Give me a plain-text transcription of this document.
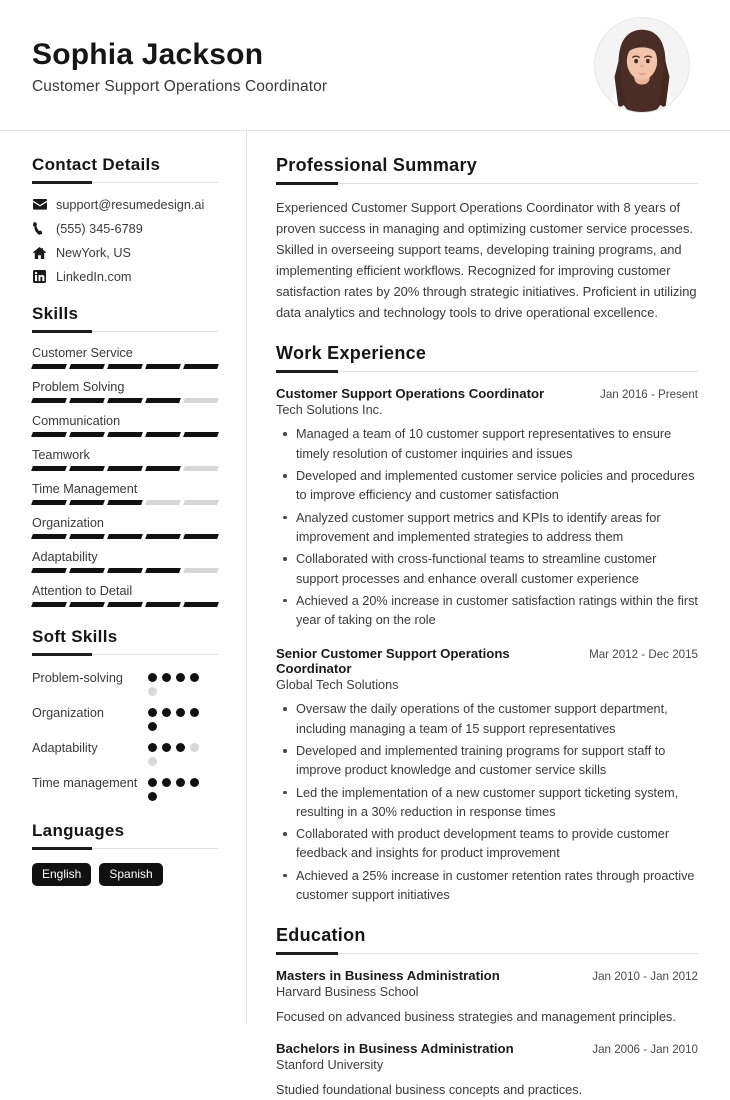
Sophia Jackson
Customer Support Operations Coordinator
Contact Details
support@resumedesign.ai
(555) 345-6789
NewYork, US
LinkedIn.com
Skills
Customer Service
Problem Solving
Communication
Teamwork
Time Management
Organization
Adaptability
Attention to Detail
Soft Skills
Problem-solving
Organization
Adaptability
Time management
Languages
English	Spanish
Professional Summary

Experienced Customer Support Operations Coordinator with 8 years of proven success in managing and optimizing customer service processes. Skilled in overseeing support teams, developing training programs, and implementing efficient workflows. Recognized for improving customer satisfaction rates by 20% through strategic initiatives. Proficient in utilizing data analytics and technology tools to drive operational excellence.

Work Experience
Customer Support Operations Coordinator	Jan 2016 - Present
Tech Solutions Inc.
Managed a team of 10 customer support representatives to ensure timely resolution of customer inquiries and issues
Developed and implemented customer service policies and procedures to improve efficiency and customer satisfaction
Analyzed customer support metrics and KPIs to identify areas for improvement and implemented strategies to address them
Collaborated with cross-functional teams to streamline customer support processes and enhance overall customer experience
Achieved a 20% increase in customer satisfaction ratings within the first year of taking on the role
Senior Customer Support Operations Coordinator
Mar 2012 - Dec 2015
Global Tech Solutions
Oversaw the daily operations of the customer support department, including managing a team of 15 support representatives
Developed and implemented training programs for support staff to improve product knowledge and customer service skills
Led the implementation of a new customer support ticketing system, resulting in a 30% reduction in response times
Collaborated with product development teams to provide customer feedback and insights for product improvement
Achieved a 25% increase in customer retention rates through proactive customer support initiatives
Education
Masters in Business Administration	Jan 2010 - Jan 2012
Harvard Business School
Focused on advanced business strategies and management principles.
Bachelors in Business Administration	Jan 2006 - Jan 2010
Stanford University
Studied foundational business concepts and practices.
